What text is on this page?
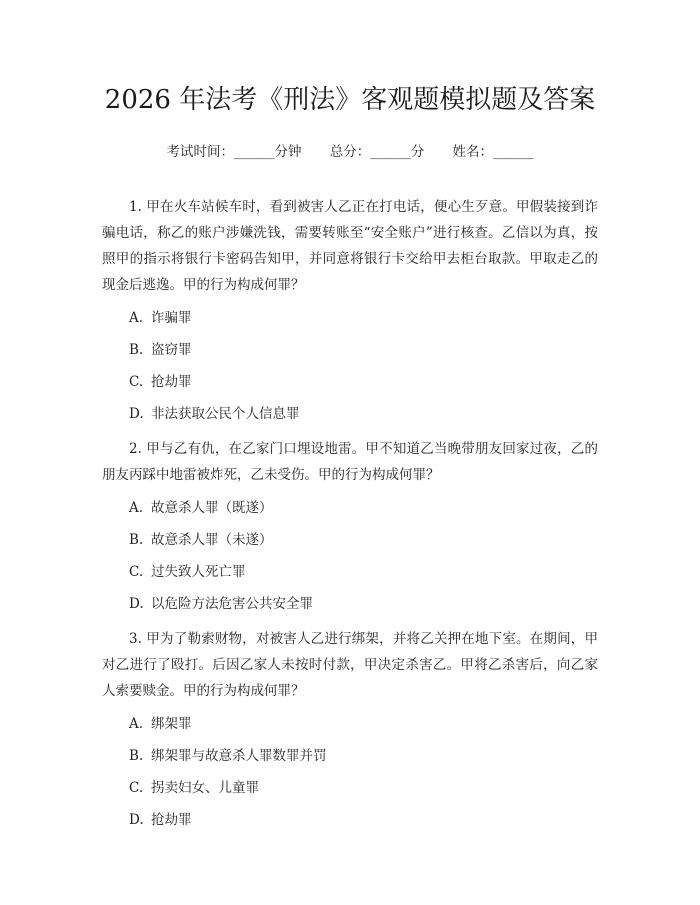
2026 年法考《刑法》客观题模拟题及答案
考试时间：______分钟 总分：______分 姓名：______

1. 甲在火车站候车时，看到被害人乙正在打电话，便心生歹意。甲假装接到诈骗电话，称乙的账户涉嫌洗钱，需要转账至“安全账户”进行核查。乙信以为真，按照甲的指示将银行卡密码告知甲，并同意将银行卡交给甲去柜台取款。甲取走乙的现金后逃逸。甲的行为构成何罪？

A. 诈骗罪
B. 盗窃罪
C. 抢劫罪
D. 非法获取公民个人信息罪

2. 甲与乙有仇，在乙家门口埋设地雷。甲不知道乙当晚带朋友回家过夜，乙的朋友丙踩中地雷被炸死，乙未受伤。甲的行为构成何罪？

A. 故意杀人罪（既遂）
B. 故意杀人罪（未遂）
C. 过失致人死亡罪
D. 以危险方法危害公共安全罪

3. 甲为了勒索财物，对被害人乙进行绑架，并将乙关押在地下室。在期间，甲对乙进行了殴打。后因乙家人未按时付款，甲决定杀害乙。甲将乙杀害后，向乙家人索要赎金。甲的行为构成何罪？

A. 绑架罪
B. 绑架罪与故意杀人罪数罪并罚
C. 拐卖妇女、儿童罪
D. 抢劫罪
